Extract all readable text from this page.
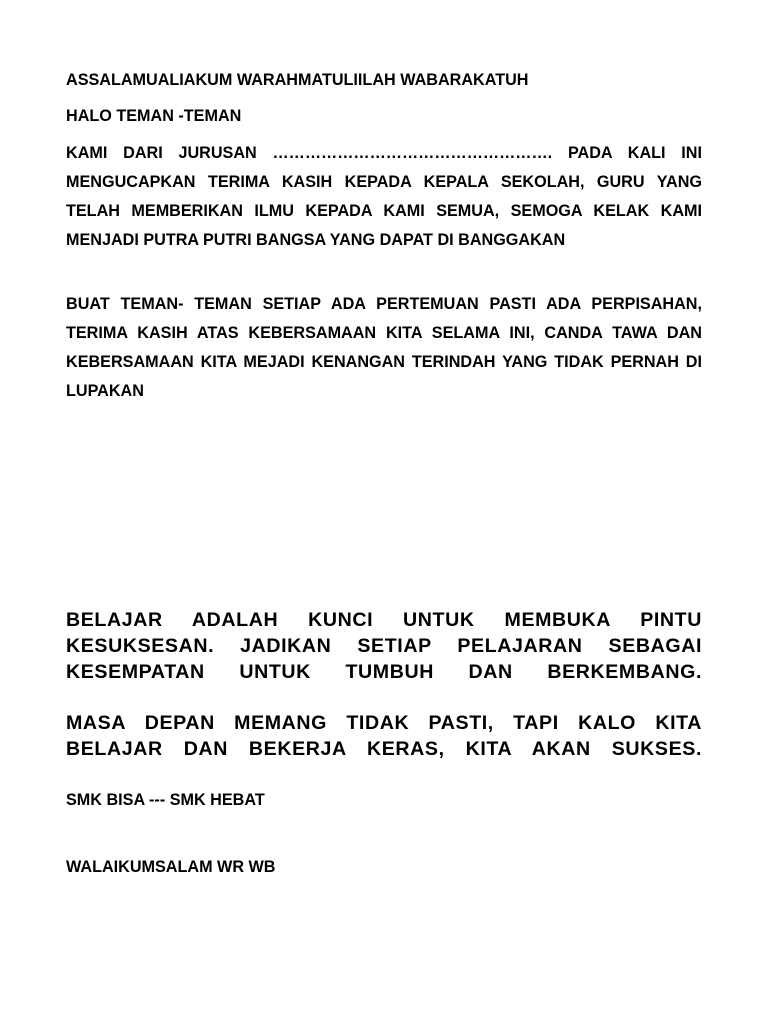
ASSALAMUALIAKUM WARAHMATULIILAH WABARAKATUH

HALO TEMAN -TEMAN

KAMI DARI JURUSAN ……………………………………………. PADA KALI INI MENGUCAPKAN TERIMA KASIH KEPADA KEPALA SEKOLAH, GURU YANG TELAH MEMBERIKAN ILMU KEPADA KAMI SEMUA, SEMOGA KELAK KAMI MENJADI PUTRA PUTRI BANGSA YANG DAPAT DI BANGGAKAN

BUAT TEMAN- TEMAN SETIAP ADA PERTEMUAN PASTI ADA PERPISAHAN, TERIMA KASIH ATAS KEBERSAMAAN KITA SELAMA INI, CANDA TAWA DAN KEBERSAMAAN KITA MEJADI KENANGAN TERINDAH YANG TIDAK PERNAH DI LUPAKAN

BELAJAR ADALAH KUNCI UNTUK MEMBUKA PINTU KESUKSESAN. JADIKAN SETIAP PELAJARAN SEBAGAI KESEMPATAN UNTUK TUMBUH DAN BERKEMBANG.

MASA DEPAN MEMANG TIDAK PASTI, TAPI KALO KITA BELAJAR DAN BEKERJA KERAS, KITA AKAN SUKSES.

SMK BISA --- SMK HEBAT

WALAIKUMSALAM WR WB
